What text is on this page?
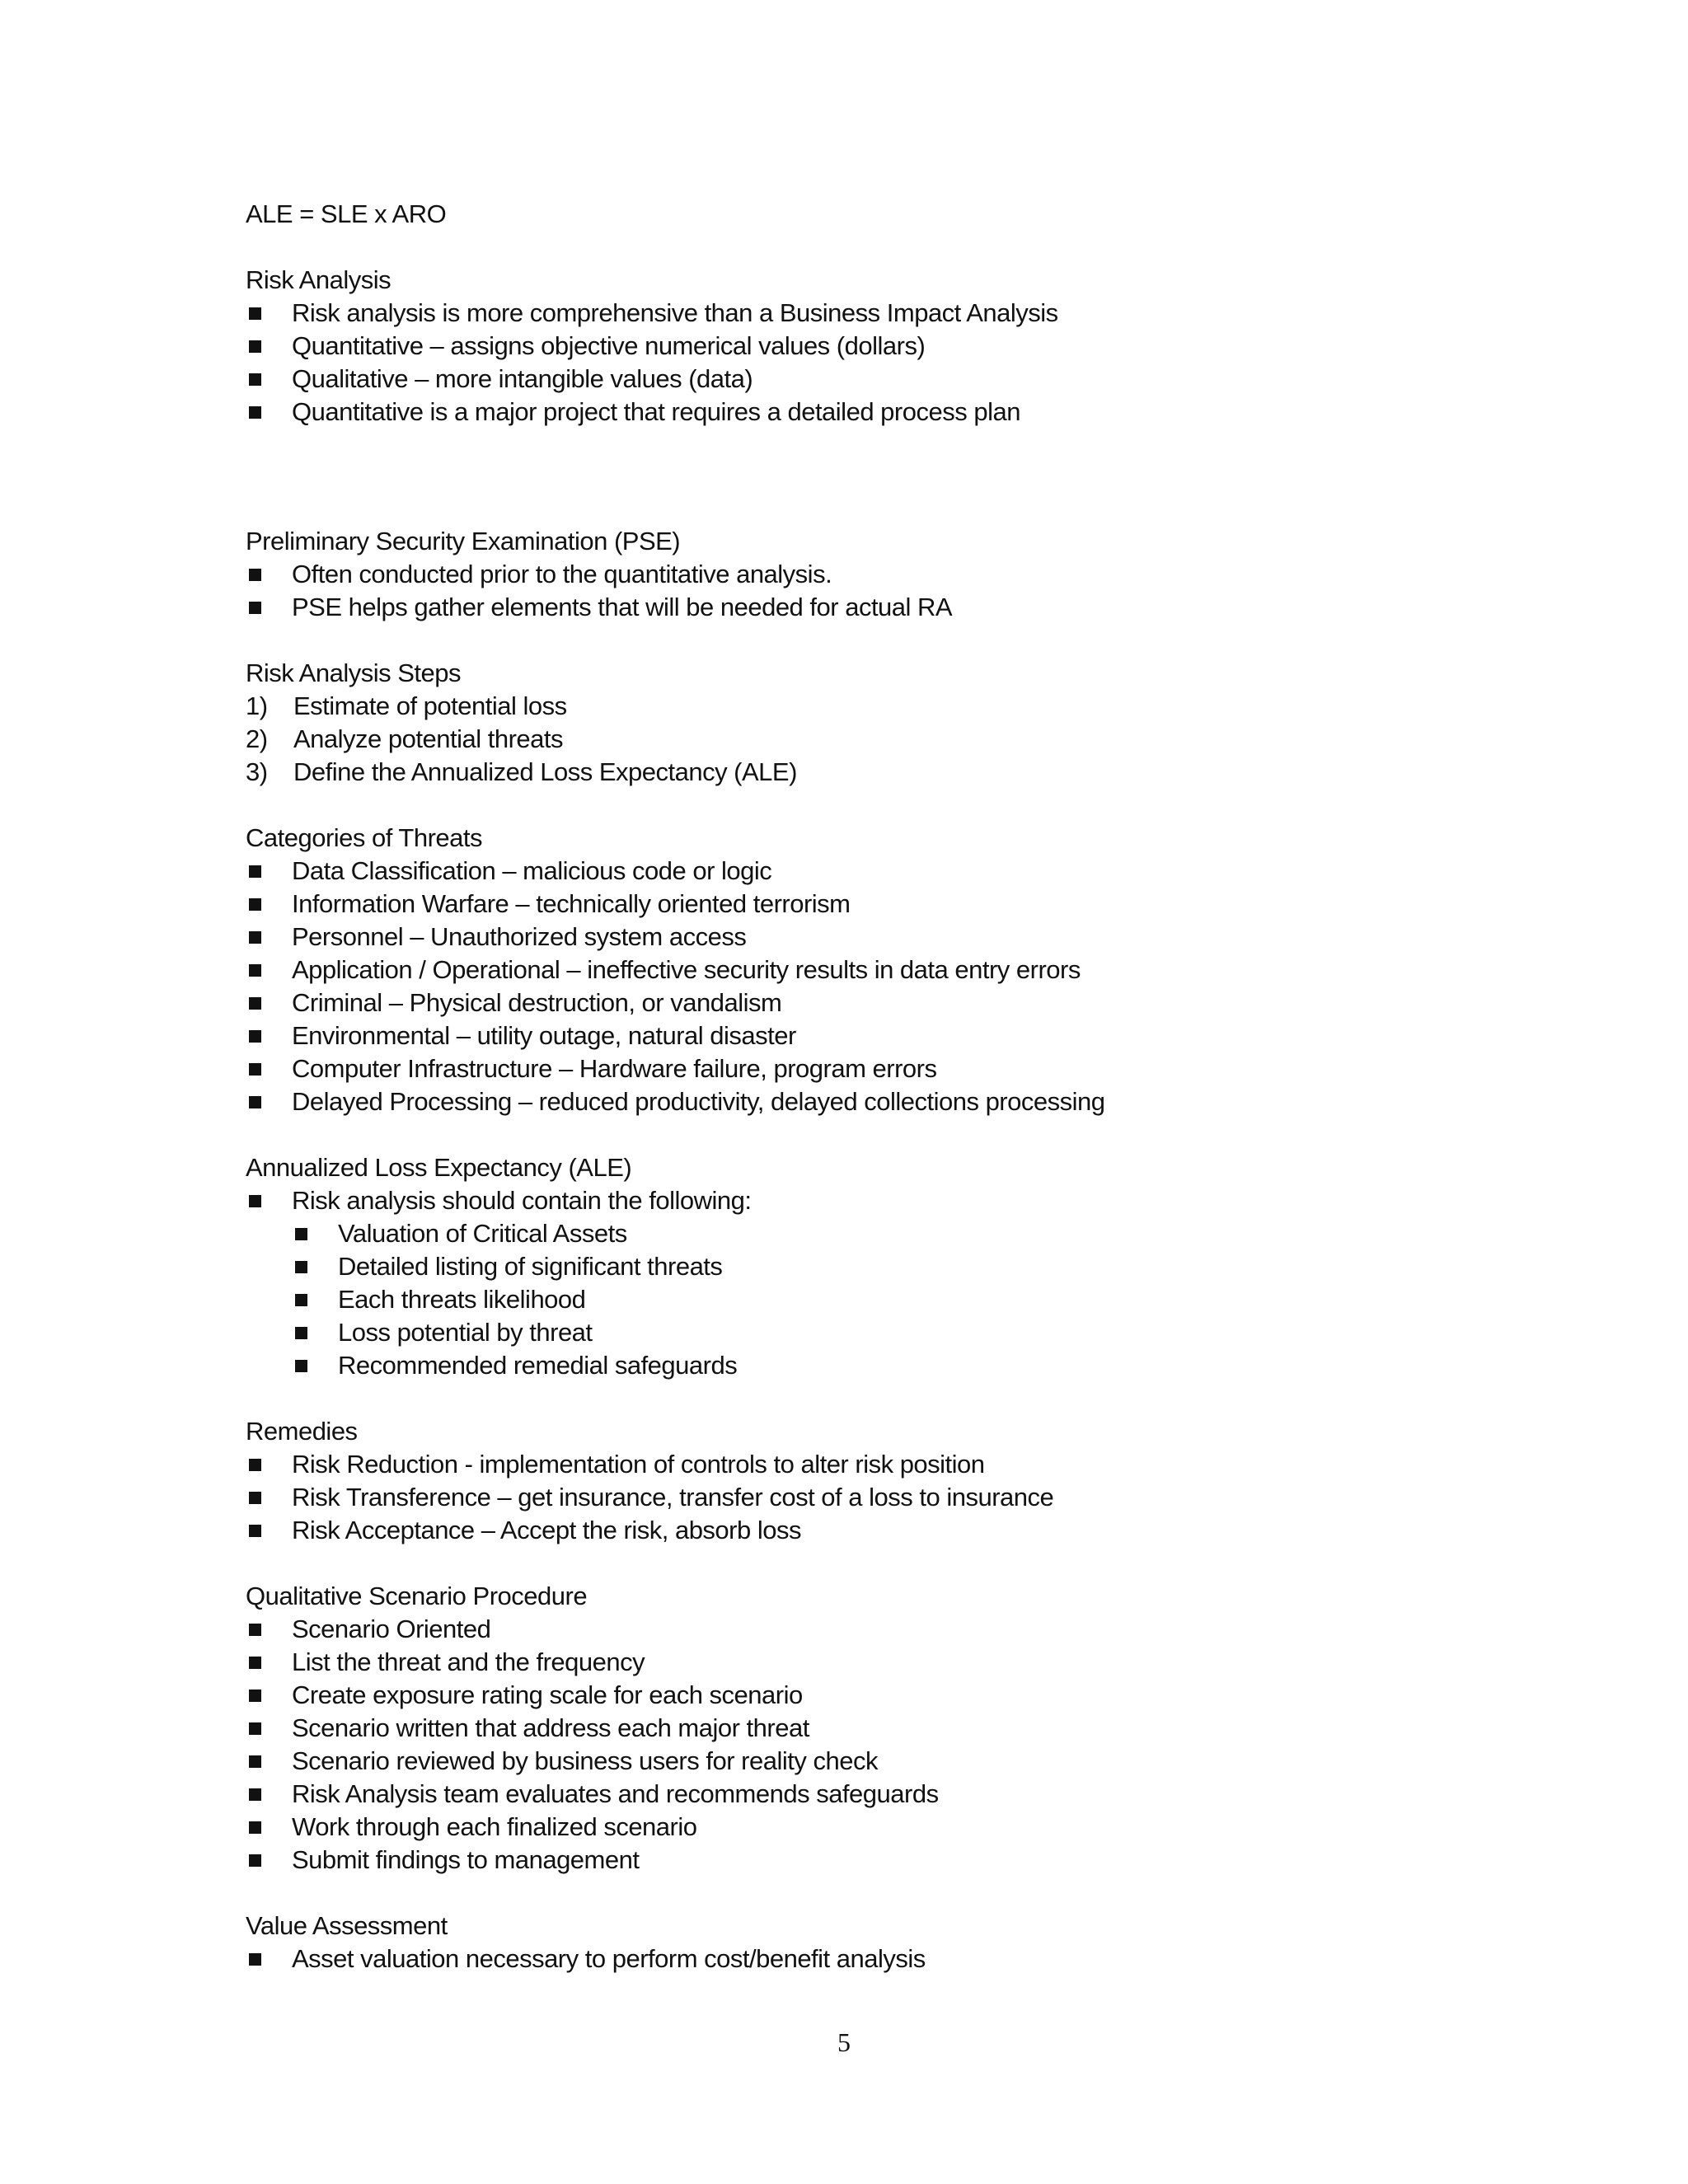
ALE = SLE x ARO
Risk Analysis
Risk analysis is more comprehensive than a Business Impact Analysis
Quantitative – assigns objective numerical values (dollars)
Qualitative – more intangible values (data)
Quantitative is a major project that requires a detailed process plan
Preliminary Security Examination (PSE)
Often conducted prior to the quantitative analysis.
PSE helps gather elements that will be needed for actual RA
Risk Analysis Steps
1) Estimate of potential loss
2) Analyze potential threats
3) Define the Annualized Loss Expectancy (ALE)
Categories of Threats
Data Classification – malicious code or logic
Information Warfare – technically oriented terrorism
Personnel – Unauthorized system access
Application / Operational – ineffective security results in data entry errors
Criminal – Physical destruction, or vandalism
Environmental – utility outage, natural disaster
Computer Infrastructure – Hardware failure, program errors
Delayed Processing – reduced productivity, delayed collections processing
Annualized Loss Expectancy (ALE)
Risk analysis should contain the following:
Valuation of Critical Assets
Detailed listing of significant threats
Each threats likelihood
Loss potential by threat
Recommended remedial safeguards
Remedies
Risk Reduction - implementation of controls to alter risk position
Risk Transference – get insurance, transfer cost of a loss to insurance
Risk Acceptance – Accept the risk, absorb loss
Qualitative Scenario Procedure
Scenario Oriented
List the threat and the frequency
Create exposure rating scale for each scenario
Scenario written that address each major threat
Scenario reviewed by business users for reality check
Risk Analysis team evaluates and recommends safeguards
Work through each finalized scenario
Submit findings to management
Value Assessment
Asset valuation necessary to perform cost/benefit analysis
5
